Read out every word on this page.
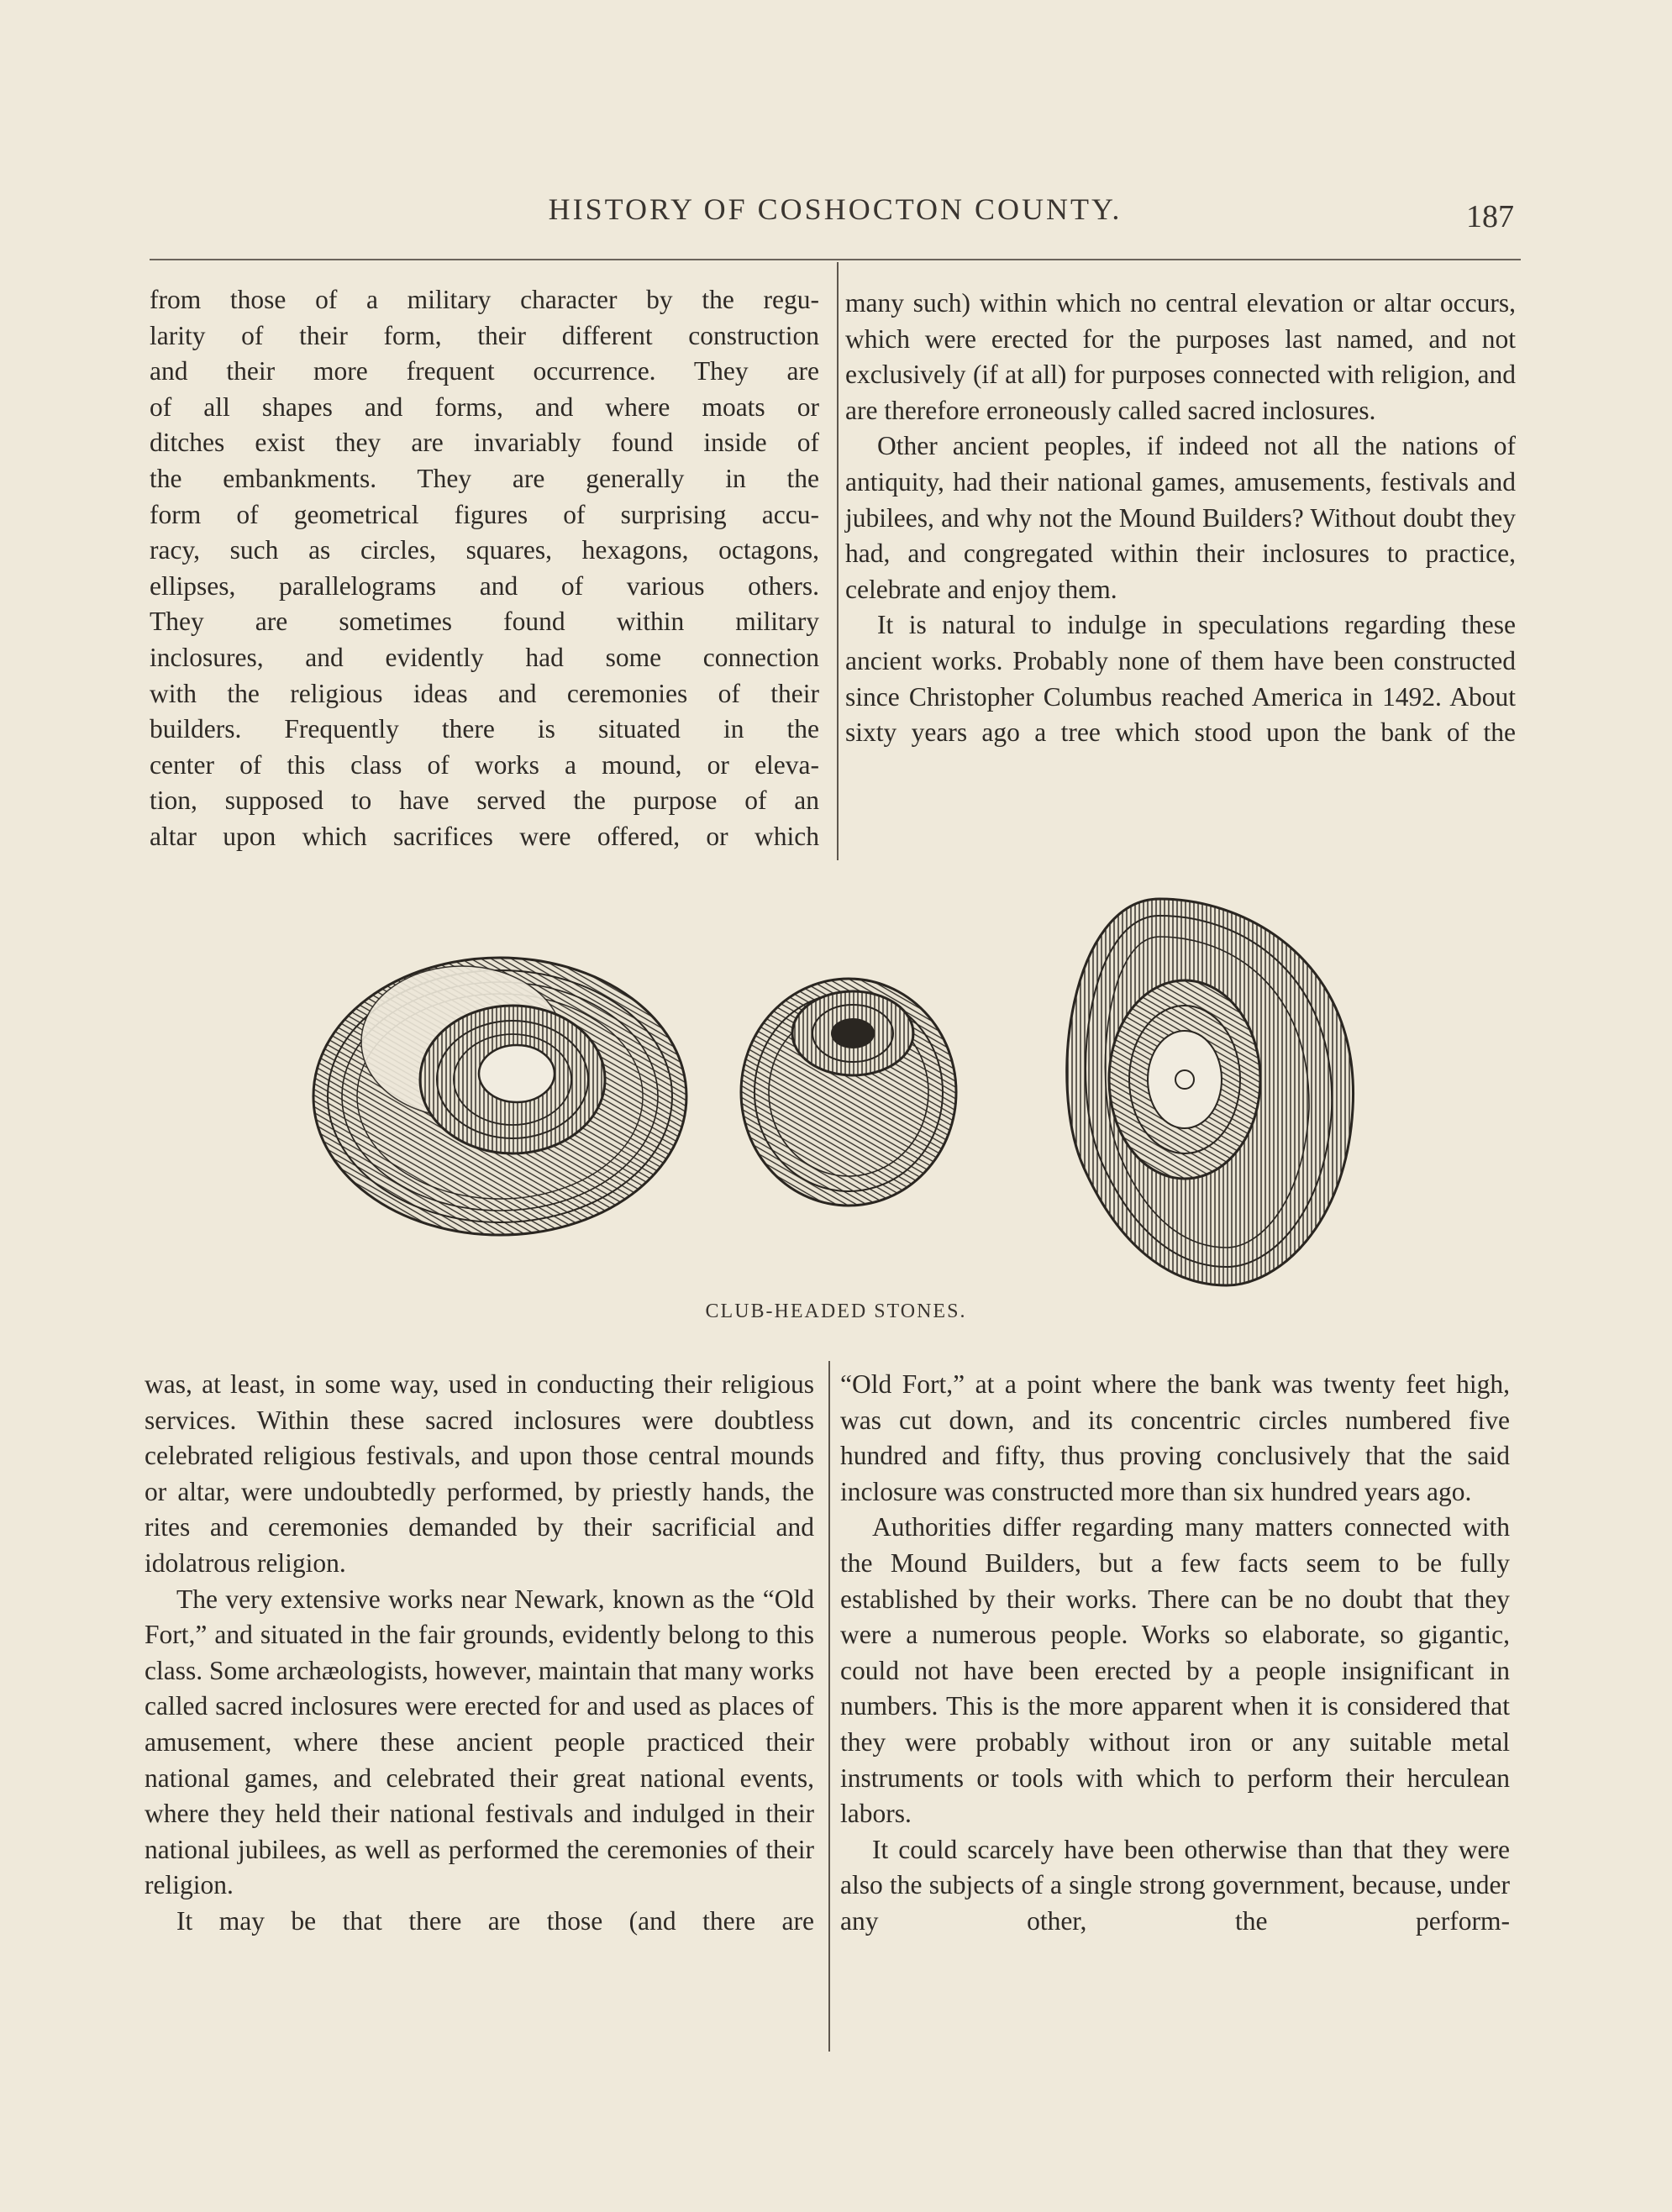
HISTORY OF COSHOCTON COUNTY.	187

from those of a military character by the regu-

larity of their form, their different construction

and their more frequent occurrence. They are

of all shapes and forms, and where moats or

ditches exist they are invariably found inside of

the embankments. They are generally in the

form of geometrical figures of surprising accu-

racy, such as circles, squares, hexagons, octagons,

ellipses, parallelograms and of various others.

They are sometimes found within military

inclosures, and evidently had some connection

with the religious ideas and ceremonies of their

builders. Frequently there is situated in the

center of this class of works a mound, or eleva-

tion, supposed to have served the purpose of an

altar upon which sacrifices were offered, or which

many such) within which no central elevation or altar occurs, which were erected for the purposes last named, and not exclusively (if at all) for purposes connected with religion, and are therefore erroneously called sacred inclosures.

Other ancient peoples, if indeed not all the nations of antiquity, had their national games, amusements, festivals and jubilees, and why not the Mound Builders? Without doubt they had, and congregated within their inclosures to practice, celebrate and enjoy them.

It is natural to indulge in speculations regarding these ancient works. Probably none of them have been constructed since Christopher Columbus reached America in 1492. About sixty years ago a tree which stood upon the bank of the

CLUB-HEADED STONES.

was, at least, in some way, used in conducting their religious services. Within these sacred inclosures were doubtless celebrated religious festivals, and upon those central mounds or altar, were undoubtedly performed, by priestly hands, the rites and ceremonies demanded by their sacrificial and idolatrous religion.

The very extensive works near Newark, known as the “Old Fort,” and situated in the fair grounds, evidently belong to this class. Some archæologists, however, maintain that many works called sacred inclosures were erected for and used as places of amusement, where these ancient people practiced their national games, and celebrated their great national events, where they held their national festivals and indulged in their national jubilees, as well as performed the ceremonies of their religion.

It may be that there are those (and there are

“Old Fort,” at a point where the bank was twenty feet high, was cut down, and its concentric circles numbered five hundred and fifty, thus proving conclusively that the said inclosure was constructed more than six hundred years ago.

Authorities differ regarding many matters connected with the Mound Builders, but a few facts seem to be fully established by their works. There can be no doubt that they were a numerous people. Works so elaborate, so gigantic, could not have been erected by a people insignificant in numbers. This is the more apparent when it is considered that they were probably without iron or any suitable metal instruments or tools with which to perform their herculean labors.

It could scarcely have been otherwise than that they were also the subjects of a single strong government, because, under any other, the perform-
